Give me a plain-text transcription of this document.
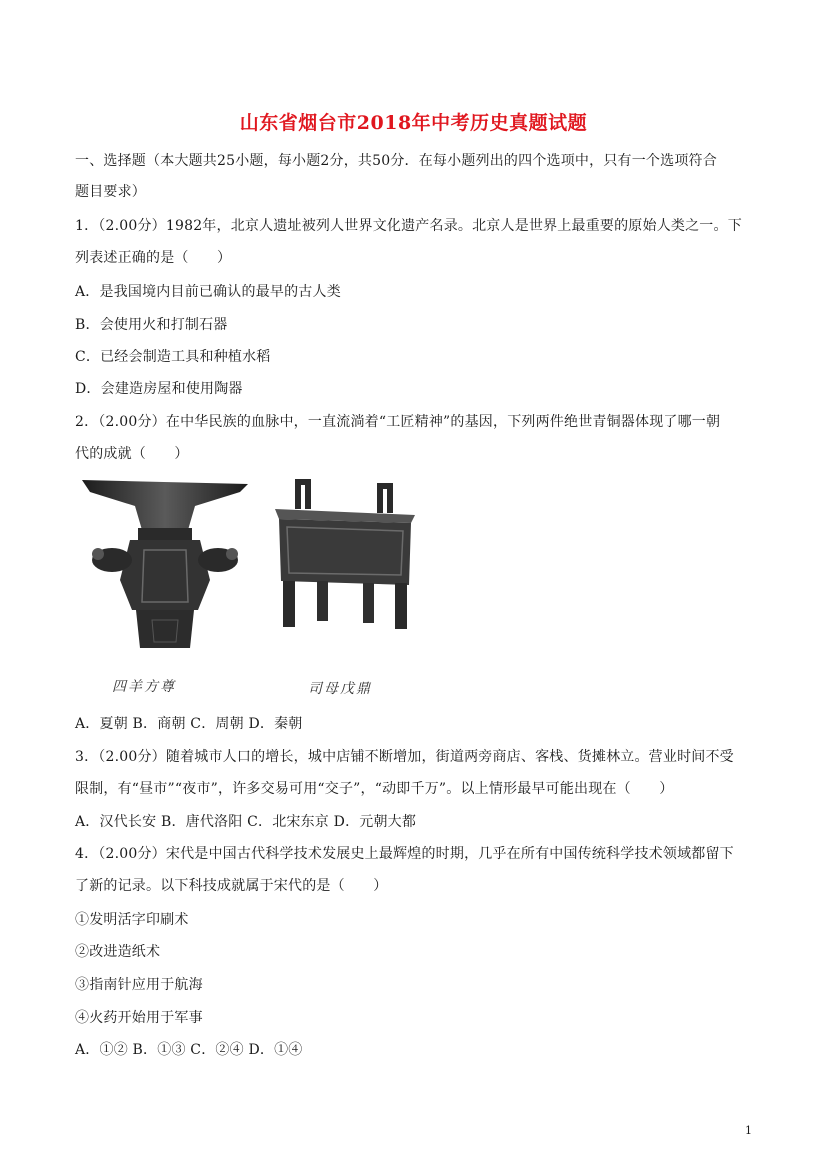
山东省烟台市2018年中考历史真题试题
一、选择题（本大题共25小题，每小题2分，共50分．在每小题列出的四个选项中，只有一个选项符合
题目要求）
1．（2.00分）1982年，北京人遗址被列人世界文化遗产名录。北京人是世界上最重要的原始人类之一。下
列表述正确的是（　　）
A．是我国境内目前已确认的最早的古人类
B．会使用火和打制石器
C．已经会制造工具和种植水稻
D．会建造房屋和使用陶器
2．（2.00分）在中华民族的血脉中，一直流淌着“工匠精神”的基因，下列两件绝世青铜器体现了哪一朝
代的成就（　　）
四羊方尊	司母戊鼎
A．夏朝 B．商朝 C．周朝 D．秦朝
3．（2.00分）随着城市人口的增长，城中店铺不断增加，街道两旁商店、客栈、货摊林立。营业时间不受
限制，有“昼市”“夜市”，许多交易可用“交子”，“动即千万”。以上情形最早可能出现在（　　）
A．汉代长安 B．唐代洛阳 C．北宋东京 D．元朝大都
4．（2.00分）宋代是中国古代科学技术发展史上最辉煌的时期，几乎在所有中国传统科学技术领域都留下
了新的记录。以下科技成就属于宋代的是（　　）
①发明活字印刷术
②改进造纸术
③指南针应用于航海
④火药开始用于军事
A．①② B．①③ C．②④ D．①④
1
